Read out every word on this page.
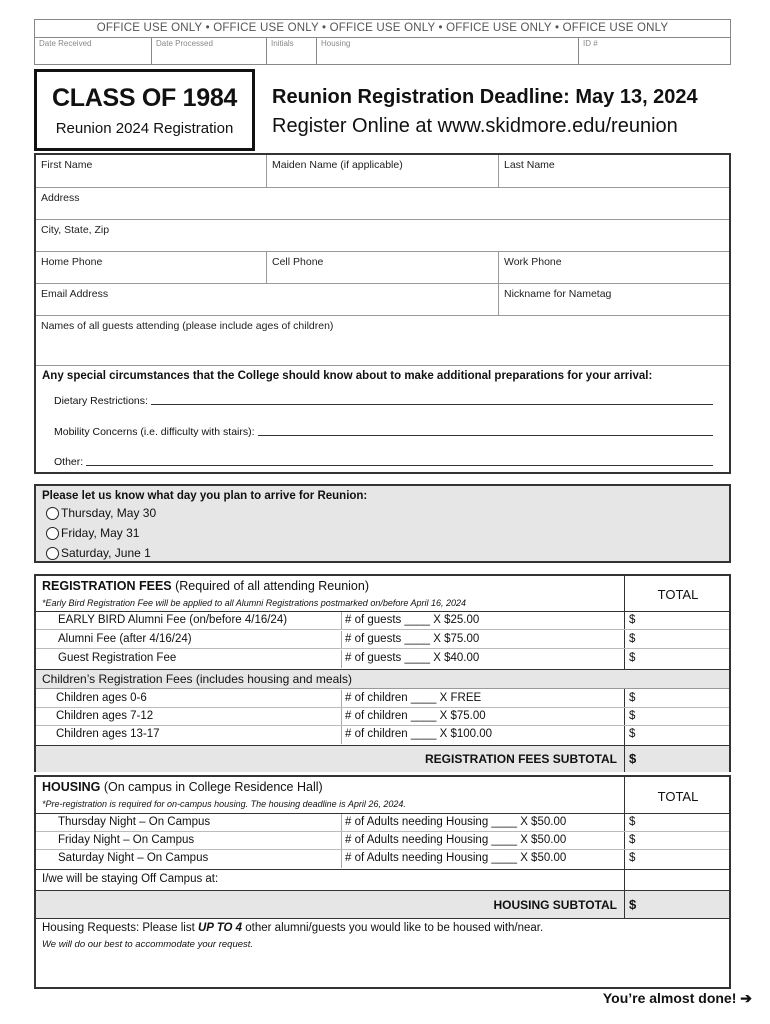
OFFICE USE ONLY • OFFICE USE ONLY • OFFICE USE ONLY • OFFICE USE ONLY • OFFICE USE ONLY
Date Received	Date Processed	Initials	Housing	ID #
CLASS OF 1984
Reunion 2024 Registration
Reunion Registration Deadline: May 13, 2024
Register Online at www.skidmore.edu/reunion
First Name	Maiden Name (if applicable)	Last Name
Address
City, State, Zip
Home Phone	Cell Phone	Work Phone
Email Address	Nickname for Nametag
Names of all guests attending (please include ages of children)
Any special circumstances that the College should know about to make additional preparations for your arrival:
Dietary Restrictions:
Mobility Concerns (i.e. difficulty with stairs):
Other:
Please let us know what day you plan to arrive for Reunion:
Thursday, May 30
Friday, May 31
Saturday, June 1
REGISTRATION FEES (Required of all attending Reunion)
*Early Bird Registration Fee will be applied to all Alumni Registrations postmarked on/before April 16, 2024
TOTAL
EARLY BIRD Alumni Fee (on/before 4/16/24)	# of guests ____ X $25.00	$
Alumni Fee (after 4/16/24)	# of guests ____ X $75.00	$
Guest Registration Fee	# of guests ____ X $40.00	$
Children’s Registration Fees (includes housing and meals)
Children ages 0-6	# of children ____ X FREE	$
Children ages 7-12	# of children ____ X $75.00	$
Children ages 13-17	# of children ____ X $100.00	$
REGISTRATION FEES SUBTOTAL $
HOUSING (On campus in College Residence Hall)
*Pre-registration is required for on-campus housing. The housing deadline is April 26, 2024.	TOTAL
Thursday Night – On Campus	# of Adults needing Housing ____ X $50.00	$
Friday Night – On Campus	# of Adults needing Housing ____ X $50.00	$
Saturday Night – On Campus	# of Adults needing Housing ____ X $50.00	$
I/we will be staying Off Campus at:
HOUSING SUBTOTAL $
Housing Requests: Please list UP TO 4 other alumni/guests you would like to be housed with/near.
We will do our best to accommodate your request.
You’re almost done! ➔
